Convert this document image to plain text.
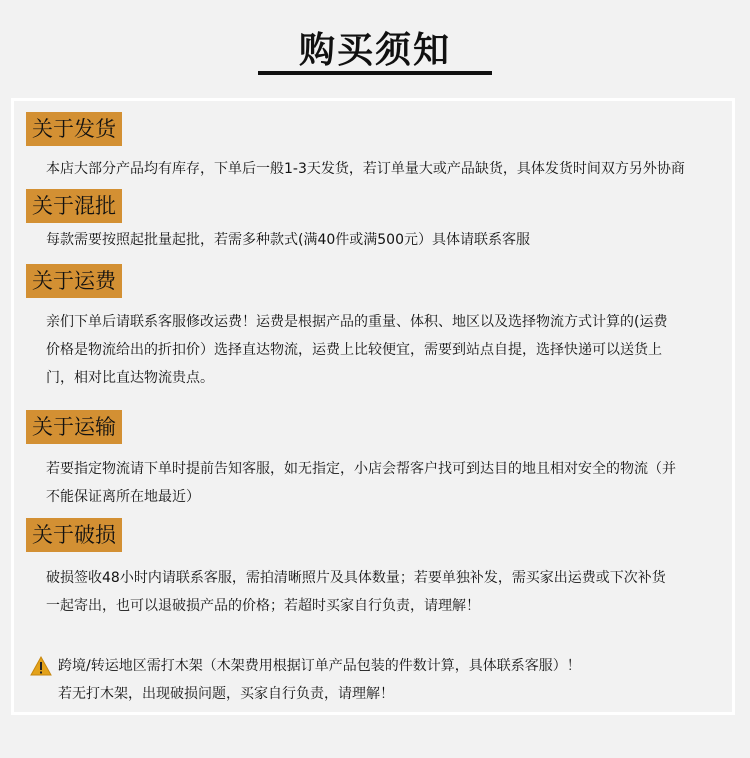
购买须知
关于发货
本店大部分产品均有库存，下单后一般1-3天发货，若订单量大或产品缺货，具体发货时间双方另外协商
关于混批
每款需要按照起批量起批，若需多种款式(满40件或满500元）具体请联系客服
关于运费
亲们下单后请联系客服修改运费！运费是根据产品的重量、体积、地区以及选择物流方式计算的(运费
价格是物流给出的折扣价）选择直达物流，运费上比较便宜，需要到站点自提，选择快递可以送货上
门，相对比直达物流贵点。
关于运输
若要指定物流请下单时提前告知客服，如无指定，小店会帮客户找可到达目的地且相对安全的物流（并
不能保证离所在地最近）
关于破损
破损签收48小时内请联系客服，需拍清晰照片及具体数量；若要单独补发，需买家出运费或下次补货
一起寄出，也可以退破损产品的价格；若超时买家自行负责，请理解！
跨境/转运地区需打木架（木架费用根据订单产品包装的件数计算，具体联系客服）！
若无打木架，出现破损问题，买家自行负责，请理解！
